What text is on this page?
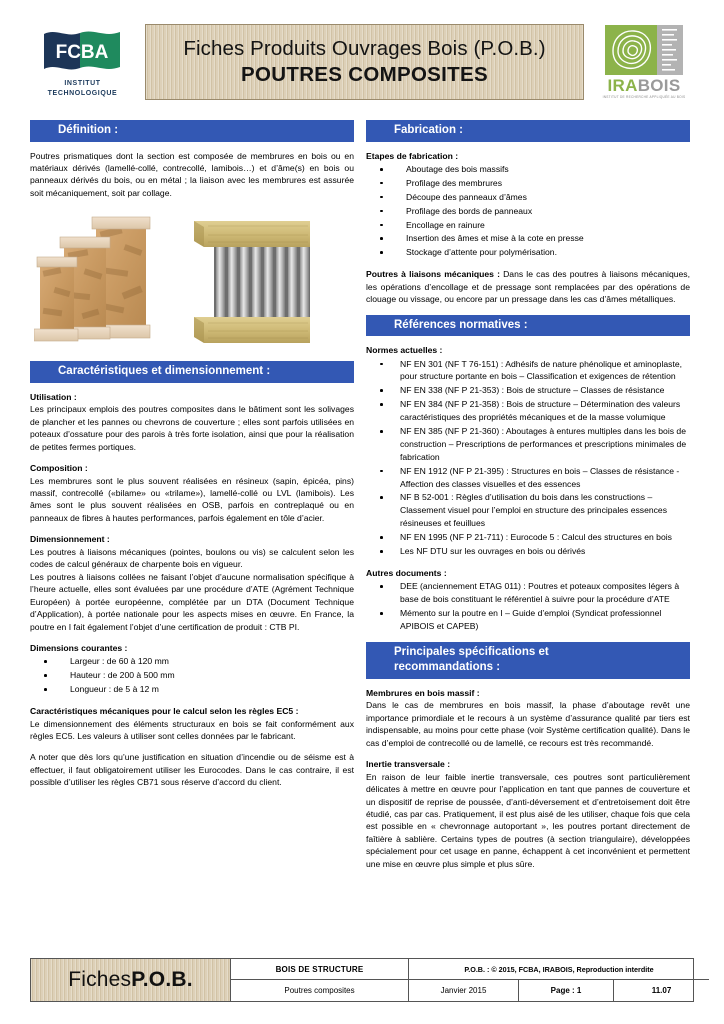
FCBA
INSTITUT
TECHNOLOGIQUE
Fiches Produits Ouvrages Bois (P.O.B.)
POUTRES COMPOSITES	IRABOIS
INSTITUT DE RECHERCHE APPLIQUÉE AU BOIS
Définition :
Poutres prismatiques dont la section est composée de membrures en bois ou en matériaux dérivés (lamellé-collé, contrecollé, lamibois…) et d’âme(s) en bois ou panneaux dérivés du bois, ou en métal ; la liaison avec les membrures est assurée soit mécaniquement, soit par collage.
Caractéristiques et dimensionnement :
Utilisation :
Les principaux emplois des poutres composites dans le bâtiment sont les solivages de plancher et les pannes ou chevrons de couverture ; elles sont parfois utilisées en poteaux d’ossature pour des parois à très forte isolation, ainsi que pour la réalisation de petites fermes portiques.
Composition :
Les membrures sont le plus souvent réalisées en résineux (sapin, épicéa, pins) massif, contrecollé («bilame» ou «trilame»), lamellé-collé ou LVL (lamibois). Les âmes sont le plus souvent réalisées en OSB, parfois en contreplaqué ou en panneaux de fibres à hautes performances, parfois également en tôle d’acier.
Dimensionnement :
Les poutres à liaisons mécaniques (pointes, boulons ou vis) se calculent selon les codes de calcul généraux de charpente bois en vigueur.
Les poutres à liaisons collées ne faisant l’objet d’aucune normalisation spécifique à l’heure actuelle, elles sont évaluées par une procédure d’ATE (Agrément Technique Européen) à portée européenne, complétée par un DTA (Document Technique d’Application), à portée nationale pour les aspects mises en œuvre. En France, la poutre en I fait également l’objet d’une certification de produit : CTB PI.
Dimensions courantes :
Largeur : de 60 à 120 mm
Hauteur : de 200 à 500 mm
Longueur : de 5 à 12 m
Caractéristiques mécaniques pour le calcul selon les règles EC5 :
Le dimensionnement des éléments structuraux en bois se fait conformément aux règles EC5. Les valeurs à utiliser sont celles données par le fabricant.
A noter que dès lors qu’une justification en situation d’incendie ou de séisme est à effectuer, il faut obligatoirement utiliser les Eurocodes. Dans le cas contraire, il est possible d’utiliser les règles CB71 sous réserve d’accord du client.
Fabrication :
Etapes de fabrication :
Aboutage des bois massifs
Profilage des membrures
Découpe des panneaux d’âmes
Profilage des bords de panneaux
Encollage en rainure
Insertion des âmes et mise à la cote en presse
Stockage d’attente pour polymérisation.
Poutres à liaisons mécaniques : Dans le cas des poutres à liaisons mécaniques, les opérations d’encollage et de pressage sont remplacées par des opérations de clouage ou vissage, ou encore par un pressage dans les cas d’âmes métalliques.
Références normatives :
Normes actuelles :
NF EN 301 (NF T 76-151) : Adhésifs de nature phénolique et aminoplaste, pour structure portante en bois – Classification et exigences de rétention
NF EN 338 (NF P 21-353) : Bois de structure – Classes de résistance
NF EN 384 (NF P 21-358) : Bois de structure – Détermination des valeurs caractéristiques des propriétés mécaniques et de la masse volumique
NF EN 385 (NF P 21-360) : Aboutages à entures multiples dans les bois de construction – Prescriptions de performances et prescriptions minimales de fabrication
NF EN 1912 (NF P 21-395) : Structures en bois – Classes de résistance - Affection des classes visuelles et des essences
NF B 52-001 : Règles d’utilisation du bois dans les constructions – Classement visuel pour l’emploi en structure des principales essences résineuses et feuillues
NF EN 1995 (NF P 21-711) : Eurocode 5 : Calcul des structures en bois
Les NF DTU sur les ouvrages en bois ou dérivés
Autres documents :
DEE (anciennement ETAG 011) : Poutres et poteaux composites légers à base de bois constituant le référentiel à suivre pour la procédure d’ATE
Mémento sur la poutre en I – Guide d’emploi (Syndicat professionnel APIBOIS et CAPEB)
Principales spécifications et
recommandations :
Membrures en bois massif :
Dans le cas de membrures en bois massif, la phase d’aboutage revêt une importance primordiale et le recours à un système d’assurance qualité par tiers est indispensable, au moins pour cette phase (voir Système certification qualité). Dans le cas d’emploi de contrecollé ou de lamellé, ce recours est très recommandé.
Inertie transversale :
En raison de leur faible inertie transversale, ces poutres sont particulièrement délicates à mettre en œuvre pour l’application en tant que pannes de couverture et un dispositif de reprise de poussée, d’anti-déversement et d’entretoisement doit être étudié, cas par cas. Pratiquement, il est plus aisé de les utiliser, chaque fois que cela est possible en « chevronnage autoportant », les poutres portant directement de faîtière à sablière. Certains types de poutres (à section triangulaire), développées spécialement pour cet usage en panne, échappent à cet inconvénient et permettent une mise en œuvre plus simple et plus sûre.
Fiches P.O.B.	BOIS DE STRUCTURE	P.O.B. : © 2015, FCBA, IRABOIS, Reproduction interdite
Poutres composites	Janvier 2015	Page : 1	11.07
